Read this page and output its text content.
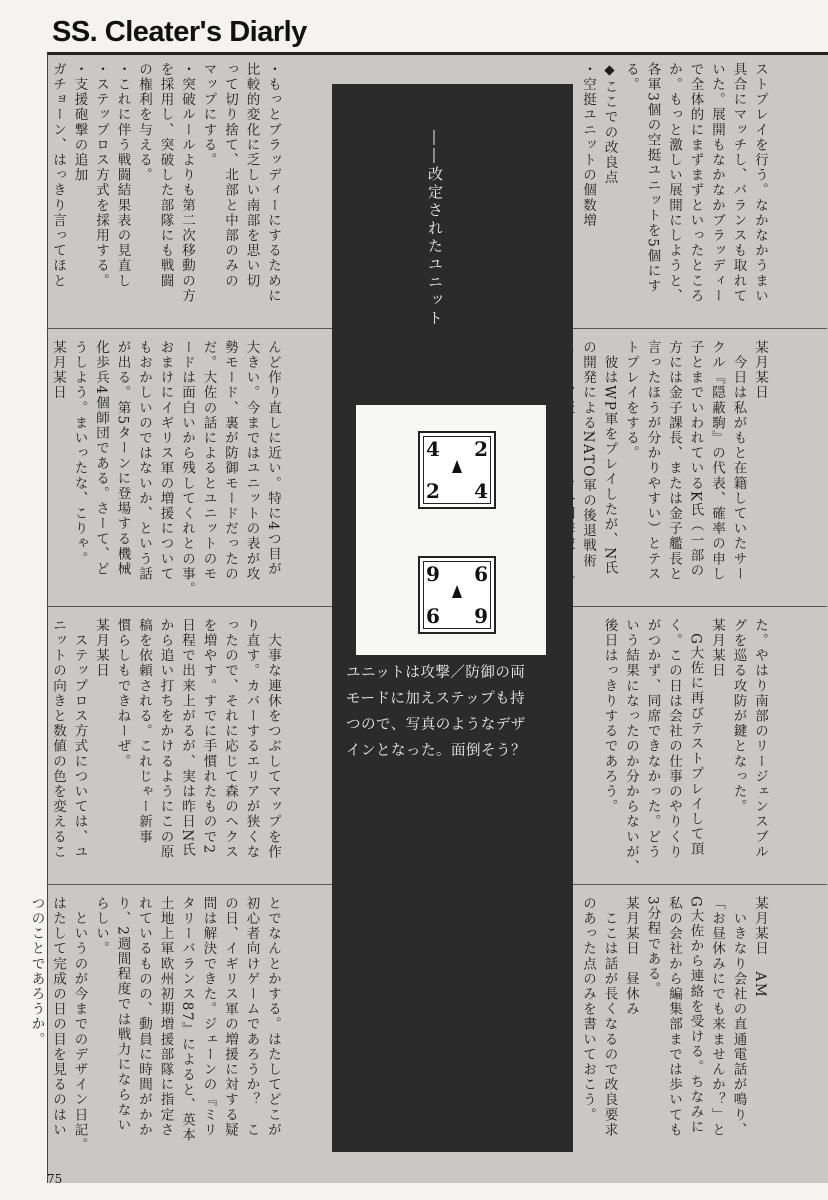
SS. Cleater's Diarly

ストプレイを行う。なかなかうまい
具合にマッチし、バランスも取れて
いた。展開もなかなかブラッディー
で全体的にまずまずといったところ
か。もっと激しい展開にしようと、
各軍3個の空挺ユニットを5個にす
る。
◆ここでの改良点
・空挺ユニットの個数増

・もっとブラッディーにするために
比較的変化に乏しい南部を思い切
って切り捨て、北部と中部のみの
マップにする。
・突破ルールよりも第二次移動の方
を採用し、突破した部隊にも戦闘
の権利を与える。
・これに伴う戦闘結果表の見直し
・ステップロス方式を採用する。
・支援砲撃の追加
ガチョーン、はっきり言ってほと

某月某日
　今日は私がもと在籍していたサー
クル『隠蔽駒』の代表、確率の申し
子とまでいわれているK氏（一部の
方には金子課長、または金子艦長と
言ったほうが分かりやすい）とテス
トプレイをする。
　彼はWP軍をプレイしたが、N氏
の開発によるNATO軍の後退戦術

んど作り直しに近い。特に4つ目が
大きい。今まではユニットの表が攻
勢モード、裏が防御モードだったの
だ。大佐の話によるとユニットのモ
ードは面白いから残してくれとの事。
おまけにイギリス軍の増援について
もおかしいのではないか、という話
が出る。第5ターンに登場する機械
化歩兵4個師団である。さーて、ど
うしよう。まいったな、こりゃ。
某月某日

た。やはり南部のリージェンスブル
グを巡る攻防が鍵となった。
某月某日
　G大佐に再びテストプレイして頂
く。この日は会社の仕事のやりくり
がつかず、同席できなかった。どう
いう結果になったのか分からないが、
後日はっきりするであろう。

　大事な連休をつぶしてマップを作
り直す。カバーするエリアが狭くな
ったので、それに応じて森のヘクス
を増やす。すでに手慣れたもので2
日程で出来上がるが、実は昨日N氏
から追い打ちをかけるようにこの原
稿を依頼される。これじゃー新事
慣らしもできねーぜ。
某月某日
　ステップロス方式については、ユ
ニットの向きと数値の色を変えるこ

某月某日　AM
　いきなり会社の直通電話が鳴り、
「お昼休みにでも来ませんか？」と
G大佐から連絡を受ける。ちなみに
私の会社から編集部までは歩いても
3分程である。
某月某日　昼休み
　ここは話が長くなるので改良要求
のあった点のみを書いておこう。

とでなんとかする。はたしてどこが
初心者向けゲームであろうか？　こ
の日、イギリス軍の増援に対する疑
問は解決できた。ジェーンの『ミリ
タリーバランス87』によると、英本
土地上軍欧州初期増援部隊に指定さ
れているものの、動員に時間がかか
り、2週間程度では戦力にならない
らしい。
　というのが今までのデザイン日記。
はたして完成の日の目を見るのはい
つのことであろうか。

――改定されたユニット
4 2
2 4
9 6
6 9
ユニットは攻撃／防御の両
モードに加えステップも持
つので、写真のようなデザ
インとなった。面倒そう？
75
